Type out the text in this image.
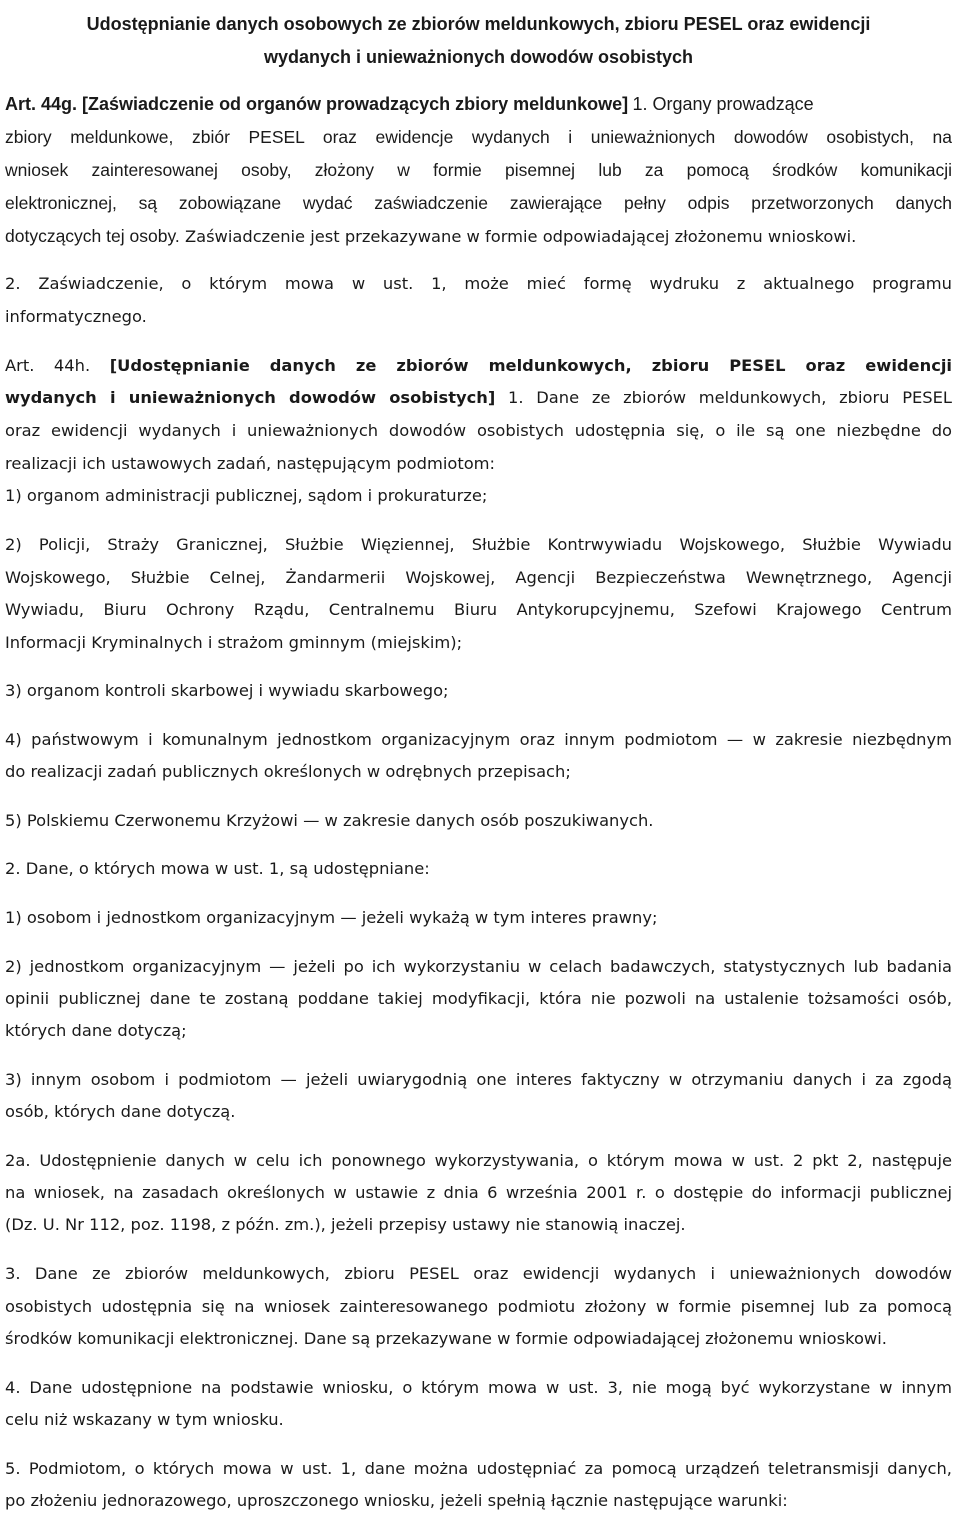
Udostępnianie danych osobowych ze zbiorów meldunkowych, zbioru PESEL oraz ewidencji

wydanych i unieważnionych dowodów osobistych

Art. 44g. [Zaświadczenie od organów prowadzących zbiory meldunkowe] 1. Organy prowadzące

zbiory meldunkowe, zbiór PESEL oraz ewidencje wydanych i unieważnionych dowodów osobistych, na

wniosek zainteresowanej osoby, złożony w formie pisemnej lub za pomocą środków komunikacji

elektronicznej, są zobowiązane wydać zaświadczenie zawierające pełny odpis przetworzonych danych

dotyczących tej osoby. Zaświadczenie jest przekazywane w formie odpowiadającej złożonemu wnioskowi.

2. Zaświadczenie, o którym mowa w ust. 1, może mieć formę wydruku z aktualnego programu

informatycznego.

Art. 44h. [Udostępnianie danych ze zbiorów meldunkowych, zbioru PESEL oraz ewidencji

wydanych i unieważnionych dowodów osobistych] 1. Dane ze zbiorów meldunkowych, zbioru PESEL

oraz ewidencji wydanych i unieważnionych dowodów osobistych udostępnia się, o ile są one niezbędne do

realizacji ich ustawowych zadań, następującym podmiotom:

1) organom administracji publicznej, sądom i prokuraturze;

2) Policji, Straży Granicznej, Służbie Więziennej, Służbie Kontrwywiadu Wojskowego, Służbie Wywiadu

Wojskowego, Służbie Celnej, Żandarmerii Wojskowej, Agencji Bezpieczeństwa Wewnętrznego, Agencji

Wywiadu, Biuru Ochrony Rządu, Centralnemu Biuru Antykorupcyjnemu, Szefowi Krajowego Centrum

Informacji Kryminalnych i strażom gminnym (miejskim);

3) organom kontroli skarbowej i wywiadu skarbowego;

4) państwowym i komunalnym jednostkom organizacyjnym oraz innym podmiotom — w zakresie niezbędnym

do realizacji zadań publicznych określonych w odrębnych przepisach;

5) Polskiemu Czerwonemu Krzyżowi — w zakresie danych osób poszukiwanych.

2. Dane, o których mowa w ust. 1, są udostępniane:

1) osobom i jednostkom organizacyjnym — jeżeli wykażą w tym interes prawny;

2) jednostkom organizacyjnym — jeżeli po ich wykorzystaniu w celach badawczych, statystycznych lub badania

opinii publicznej dane te zostaną poddane takiej modyfikacji, która nie pozwoli na ustalenie tożsamości osób,

których dane dotyczą;

3) innym osobom i podmiotom — jeżeli uwiarygodnią one interes faktyczny w otrzymaniu danych i za zgodą

osób, których dane dotyczą.

2a. Udostępnienie danych w celu ich ponownego wykorzystywania, o którym mowa w ust. 2 pkt 2, następuje

na wniosek, na zasadach określonych w ustawie z dnia 6 września 2001 r. o dostępie do informacji publicznej

(Dz. U. Nr 112, poz. 1198, z późn. zm.), jeżeli przepisy ustawy nie stanowią inaczej.

3. Dane ze zbiorów meldunkowych, zbioru PESEL oraz ewidencji wydanych i unieważnionych dowodów

osobistych udostępnia się na wniosek zainteresowanego podmiotu złożony w formie pisemnej lub za pomocą

środków komunikacji elektronicznej. Dane są przekazywane w formie odpowiadającej złożonemu wnioskowi.

4. Dane udostępnione na podstawie wniosku, o którym mowa w ust. 3, nie mogą być wykorzystane w innym

celu niż wskazany w tym wniosku.

5. Podmiotom, o których mowa w ust. 1, dane można udostępniać za pomocą urządzeń teletransmisji danych,

po złożeniu jednorazowego, uproszczonego wniosku, jeżeli spełnią łącznie następujące warunki:
